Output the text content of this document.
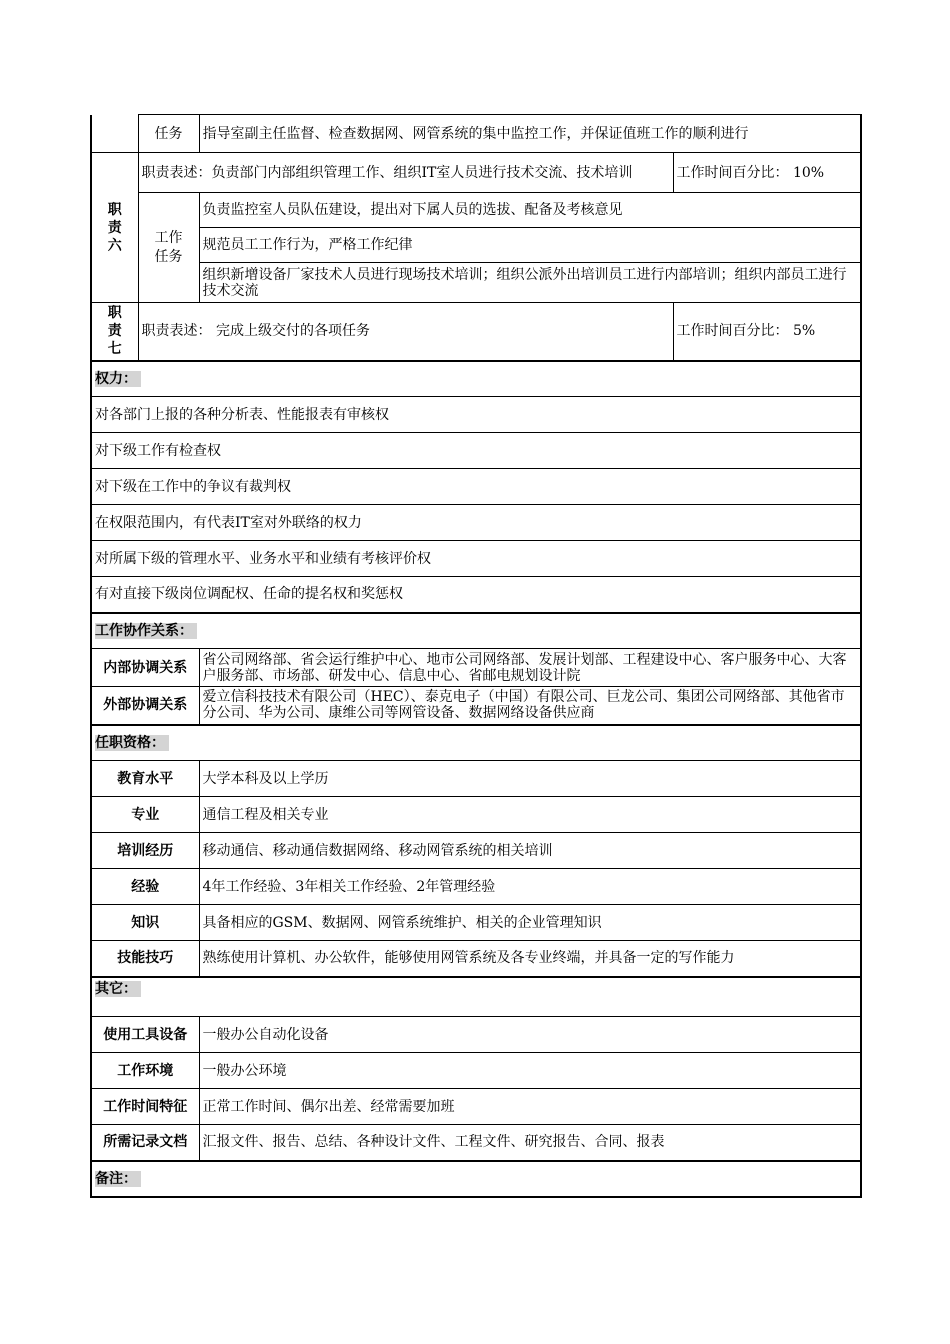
	任务	指导室副主任监督、检查数据网、网管系统的集中监控工作，并保证值班工作的顺利进行	
职责六	职责表述：负责部门内部组织管理工作、组织IT室人员进行技术交流、技术培训		工作时间百分比： 10%
	工作任务	负责监控室人员队伍建设，提出对下属人员的选拔、配备及考核意见	
		规范员工工作行为，严格工作纪律	
		组织新增设备厂家技术人员进行现场技术培训；组织公派外出培训员工进行内部培训；组织内部员工进行技术交流	
职责七	职责表述： 完成上级交付的各项任务		工作时间百分比： 5%
权力：			
对各部门上报的各种分析表、性能报表有审核权			
对下级工作有检查权			
对下级在工作中的争议有裁判权			
在权限范围内，有代表IT室对外联络的权力			
对所属下级的管理水平、业务水平和业绩有考核评价权			
有对直接下级岗位调配权、任命的提名权和奖惩权			
工作协作关系：			
内部协调关系		省公司网络部、省会运行维护中心、地市公司网络部、发展计划部、工程建设中心、客户服务中心、大客户服务部、市场部、研发中心、信息中心、省邮电规划设计院	
外部协调关系		爱立信科技技术有限公司（HEC）、泰克电子（中国）有限公司、巨龙公司、集团公司网络部、其他省市分公司、华为公司、康维公司等网管设备、数据网络设备供应商	
任职资格：			
教育水平		大学本科及以上学历	
专业		通信工程及相关专业	
培训经历		移动通信、移动通信数据网络、移动网管系统的相关培训	
经验		4年工作经验、3年相关工作经验、2年管理经验	
知识		具备相应的GSM、数据网、网管系统维护、相关的企业管理知识	
技能技巧		熟练使用计算机、办公软件，能够使用网管系统及各专业终端，并具备一定的写作能力	
其它：			
使用工具设备		一般办公自动化设备	
工作环境		一般办公环境	
工作时间特征		正常工作时间、偶尔出差、经常需要加班	
所需记录文档		汇报文件、报告、总结、各种设计文件、工程文件、研究报告、合同、报表	
备注：			
